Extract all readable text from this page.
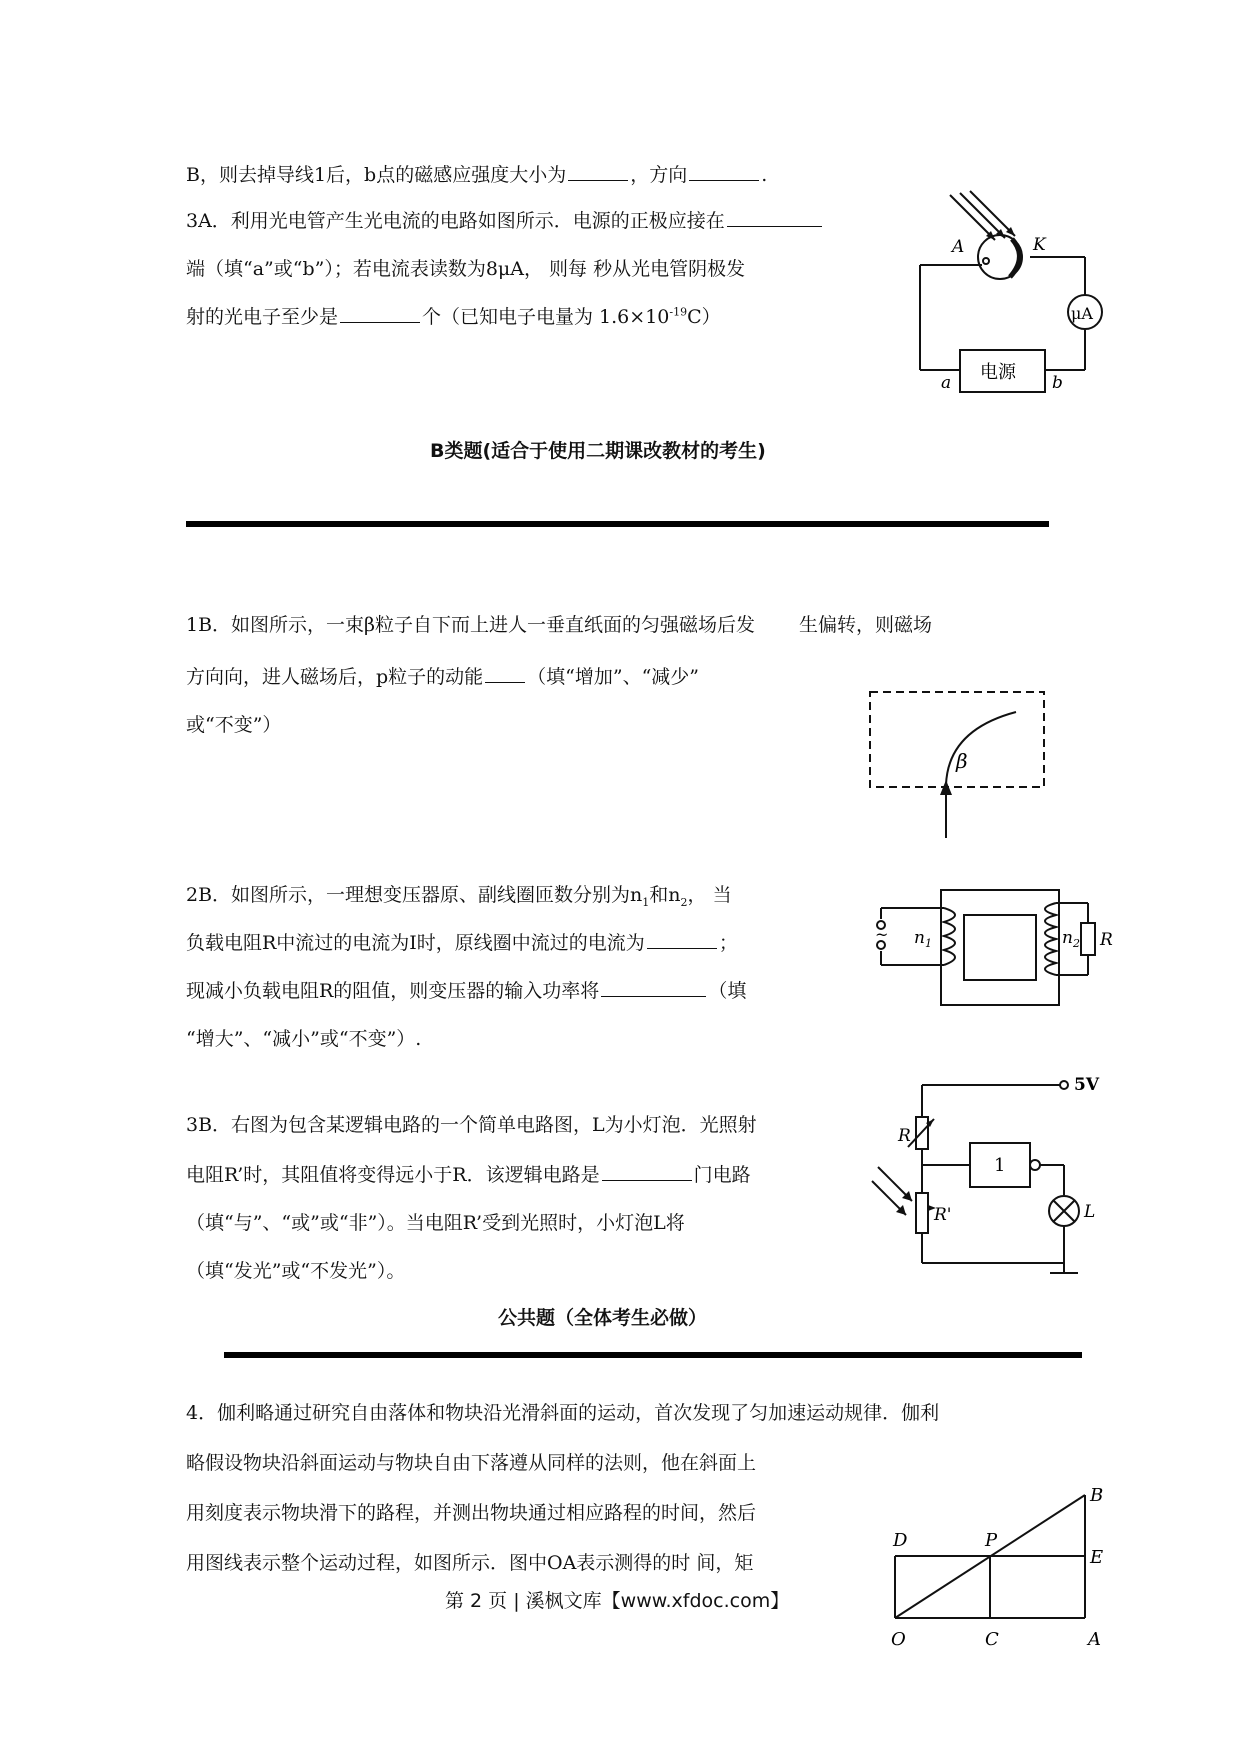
B，则去掉导线1后，b点的磁感应强度大小为	，方向	.
3A．利用光电管产生光电流的电路如图所示．电源的正极应接在
端（填“a”或“b”）；若电流表读数为8μA， 则每 秒从光电管阴极发
射的光电子至少是	个（已知电子电量为 $1.6\times 10^{-19}C$）
A	K
μA
电源
a	b
B类题(适合于使用二期课改教材的考生)
1B．如图所示，一束β粒子自下而上进人一垂直纸面的匀强磁场后发 生偏转，则磁场
方向向，进人磁场后，p粒子的动能 （填“增加”、“减少”
或“不变”）
β
2B．如图所示，一理想变压器原、副线圈匝数分别为$n_1$和$n_2$， 当
负载电阻R中流过的电流为I时，原线圈中流过的电流为	；
现减小负载电阻R的阻值，则变压器的输入功率将	（填
“增大”、“减小”或“不变”）.
~ $n_1$	$n_2$ R
3B．右图为包含某逻辑电路的一个简单电路图，L为小灯泡．光照射
电阻R’时，其阻值将变得远小于R．该逻辑电路是	门电路
（填“与”、“或”或“非”）。当电阻R’受到光照时，小灯泡L将
（填“发光”或“不发光”）。
5V
R
1
R'	L
公共题（全体考生必做）
4．伽利略通过研究自由落体和物块沿光滑斜面的运动，首次发现了匀加速运动规律．伽利
略假设物块沿斜面运动与物块自由下落遵从同样的法则，他在斜面上
用刻度表示物块滑下的路程，并测出物块通过相应路程的时间，然后
用图线表示整个运动过程，如图所示．图中OA表示测得的时 间，矩
B
D	P
E
O	C	A
第 2 页 | 溪枫文库【www.xfdoc.com】
